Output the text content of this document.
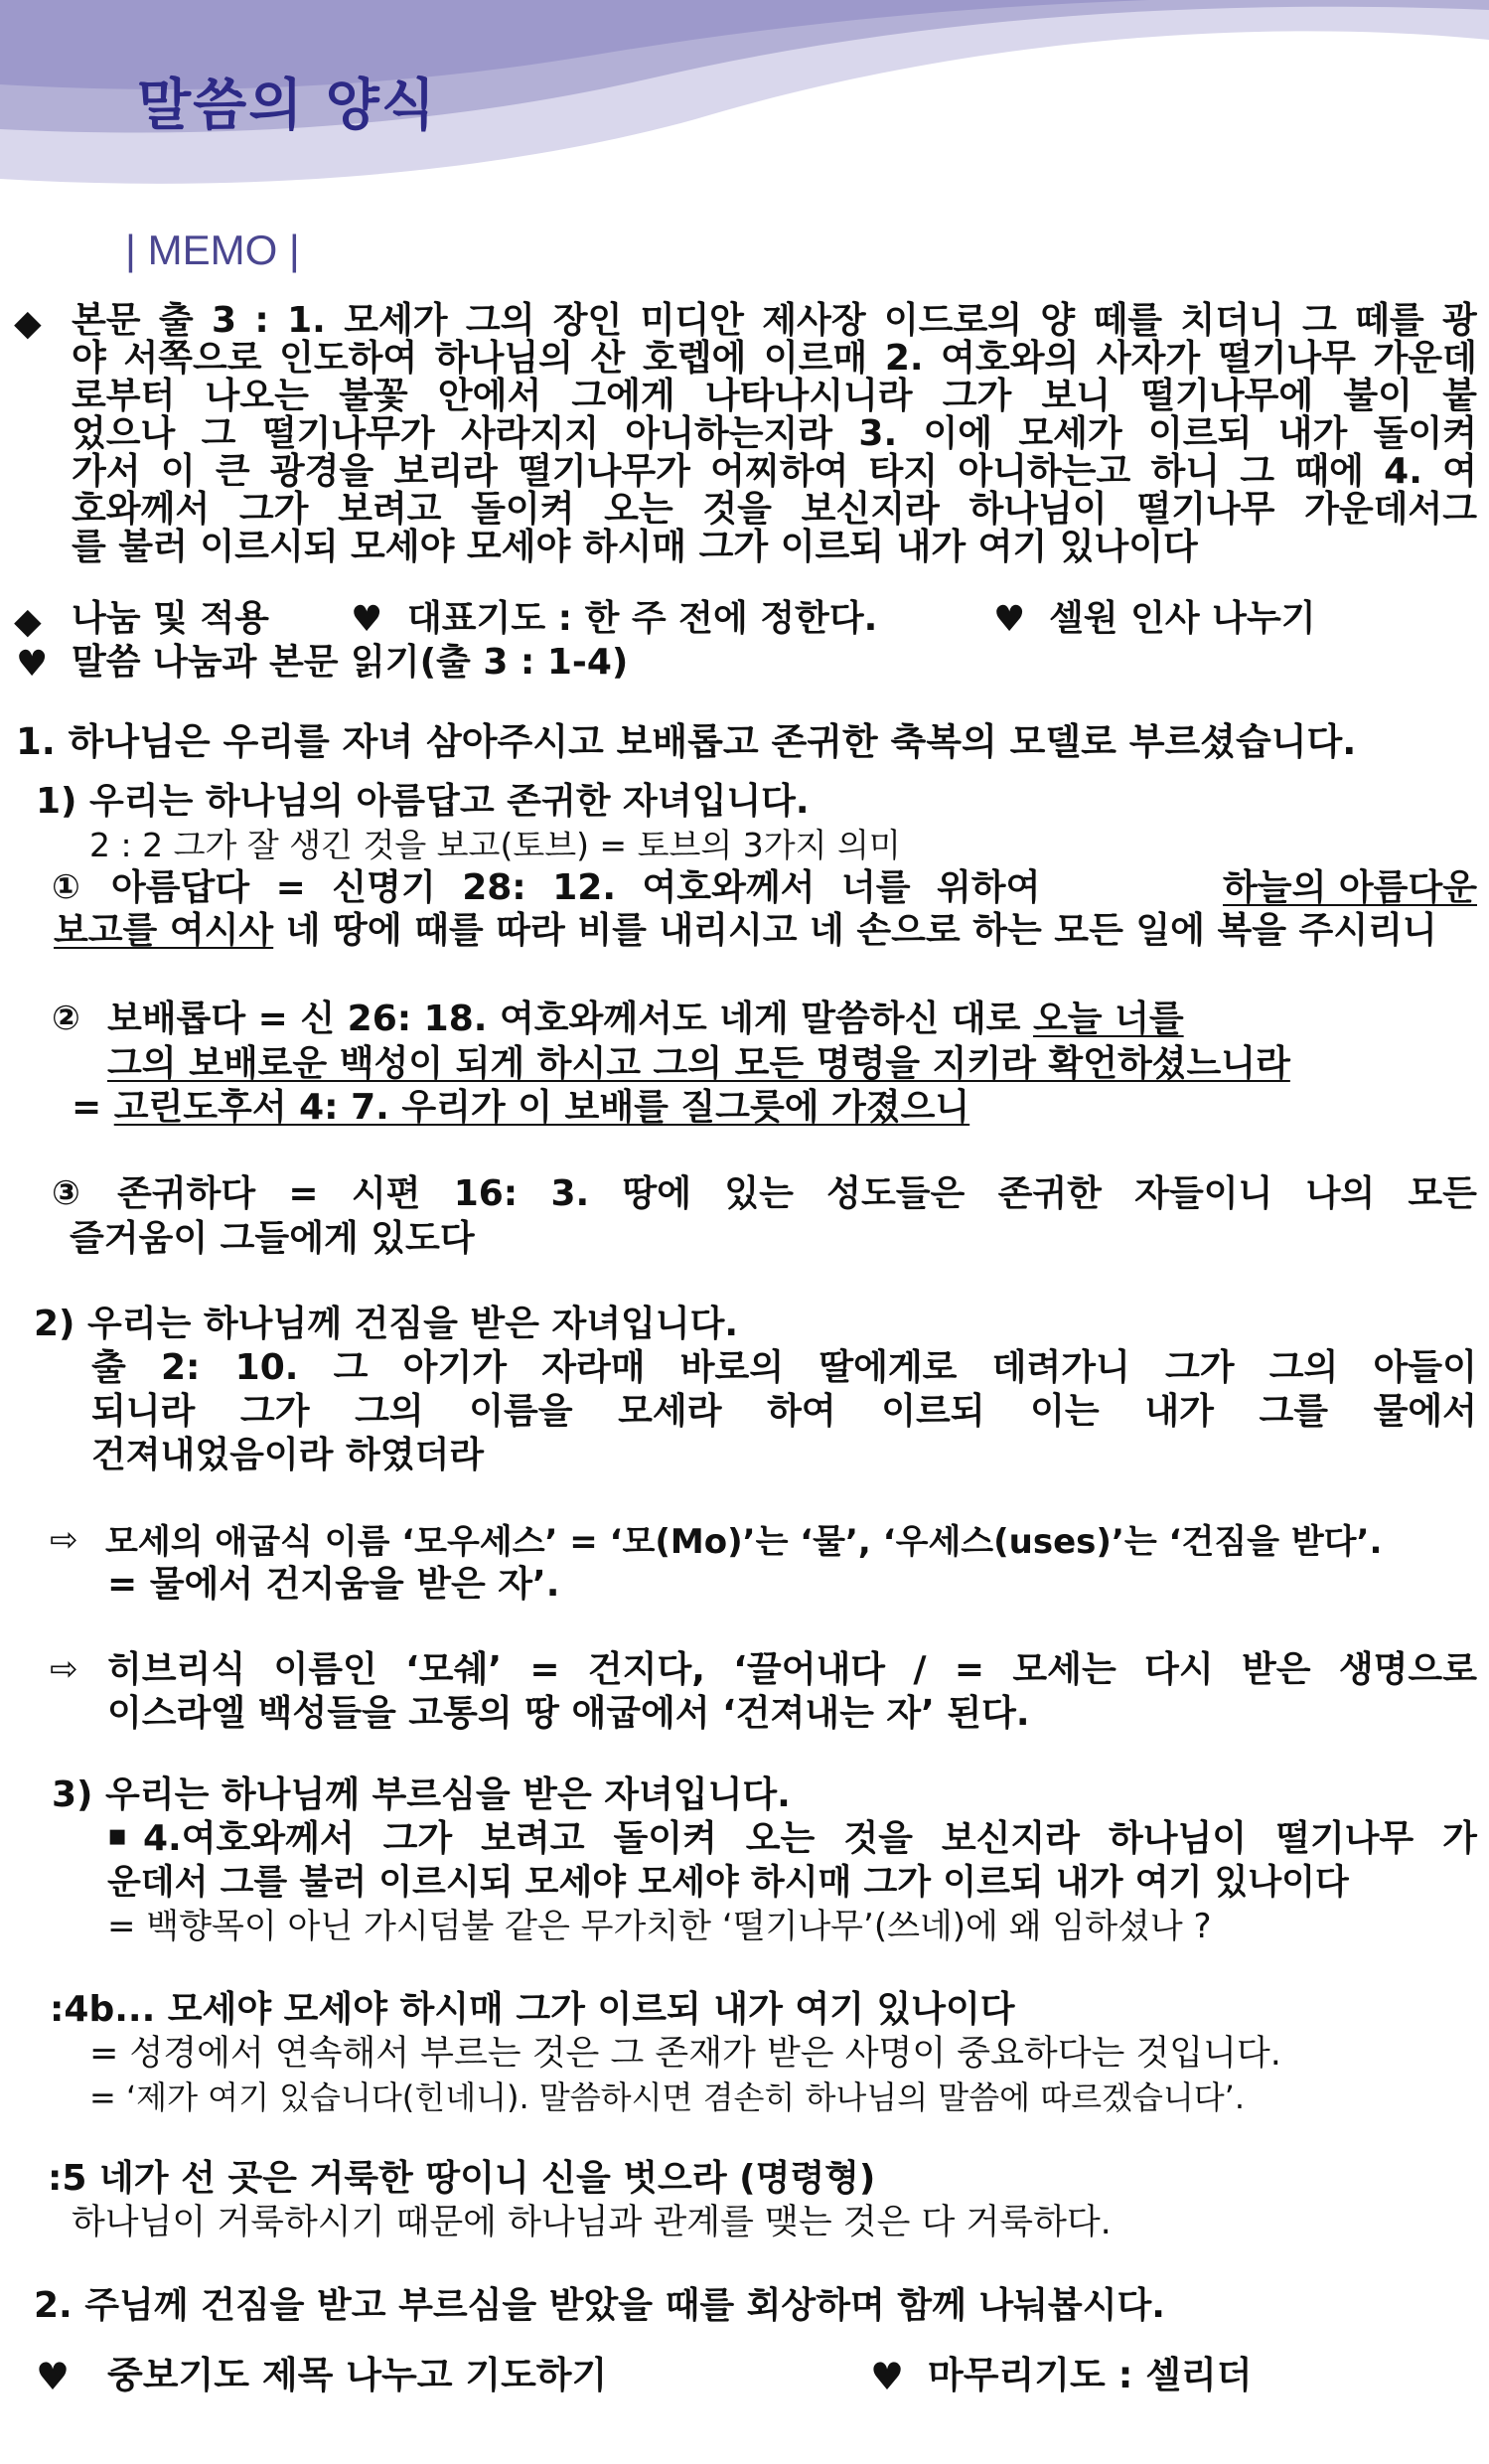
말씀의 양식
| MEMO |
◆ 본문 출 3 : 1. 모세가 그의 장인 미디안 제사장 이드로의 양 떼를 치더니 그 떼를 광
야 서쪽으로 인도하여 하나님의 산 호렙에 이르매 2. 여호와의 사자가 떨기나무 가운데
로부터 나오는 불꽃 안에서 그에게 나타나시니라 그가 보니 떨기나무에 불이 붙
었으나 그 떨기나무가 사라지지 아니하는지라 3. 이에 모세가 이르되 내가 돌이켜
가서 이 큰 광경을 보리라 떨기나무가 어찌하여 타지 아니하는고 하니 그 때에 4. 여
호와께서 그가 보려고 돌이켜 오는 것을 보신지라 하나님이 떨기나무 가운데서그
를 불러 이르시되 모세야 모세야 하시매 그가 이르되 내가 여기 있나이다
◆ 나눔 및 적용 ♥ 대표기도 : 한 주 전에 정한다.	♥ 셀원 인사 나누기
♥ 말씀 나눔과 본문 읽기(출 3 : 1-4)
1. 하나님은 우리를 자녀 삼아주시고 보배롭고 존귀한 축복의 모델로 부르셨습니다.
1) 우리는 하나님의 아름답고 존귀한 자녀입니다.
2 : 2 그가 잘 생긴 것을 보고(토브) = 토브의 3가지 의미
① 아름답다 = 신명기 28: 12. 여호와께서 너를 위하여	하늘의 아름다운
보고를 여시사 네 땅에 때를 따라 비를 내리시고 네 손으로 하는 모든 일에 복을 주시리니
② 보배롭다 = 신 26: 18. 여호와께서도 네게 말씀하신 대로 오늘 너를
그의 보배로운 백성이 되게 하시고 그의 모든 명령을 지키라 확언하셨느니라
= 고린도후서 4: 7. 우리가 이 보배를 질그릇에 가졌으니
③ 존귀하다 = 시편 16: 3. 땅에 있는 성도들은 존귀한 자들이니 나의 모든
즐거움이 그들에게 있도다
2) 우리는 하나님께 건짐을 받은 자녀입니다.
출 2: 10. 그 아기가 자라매 바로의 딸에게로 데려가니 그가 그의 아들이
되니라 그가 그의 이름을 모세라 하여 이르되 이는 내가 그를 물에서
건져내었음이라 하였더라
⇨ 모세의 애굽식 이름 ‘모우세스’ = ‘모(Mo)’는 ‘물’, ‘우세스(uses)’는 ‘건짐을 받다’.
= 물에서 건지움을 받은 자’.
⇨ 히브리식 이름인 ‘모쉐’ = 건지다, ‘끌어내다 / = 모세는 다시 받은 생명으로
이스라엘 백성들을 고통의 땅 애굽에서 ‘건져내는 자’ 된다.
3) 우리는 하나님께 부르심을 받은 자녀입니다.
▪ 4.여호와께서 그가 보려고 돌이켜 오는 것을 보신지라 하나님이 떨기나무 가
운데서 그를 불러 이르시되 모세야 모세야 하시매 그가 이르되 내가 여기 있나이다
= 백향목이 아닌 가시덤불 같은 무가치한 ‘떨기나무’(쓰네)에 왜 임하셨나 ?
:4b... 모세야 모세야 하시매 그가 이르되 내가 여기 있나이다
= 성경에서 연속해서 부르는 것은 그 존재가 받은 사명이 중요하다는 것입니다.
= ‘제가 여기 있습니다(힌네니). 말씀하시면 겸손히 하나님의 말씀에 따르겠습니다’.
:5 네가 선 곳은 거룩한 땅이니 신을 벗으라 (명령형)
하나님이 거룩하시기 때문에 하나님과 관계를 맺는 것은 다 거룩하다.
2. 주님께 건짐을 받고 부르심을 받았을 때를 회상하며 함께 나눠봅시다.
♥ 중보기도 제목 나누고 기도하기	♥ 마무리기도 : 셀리더
